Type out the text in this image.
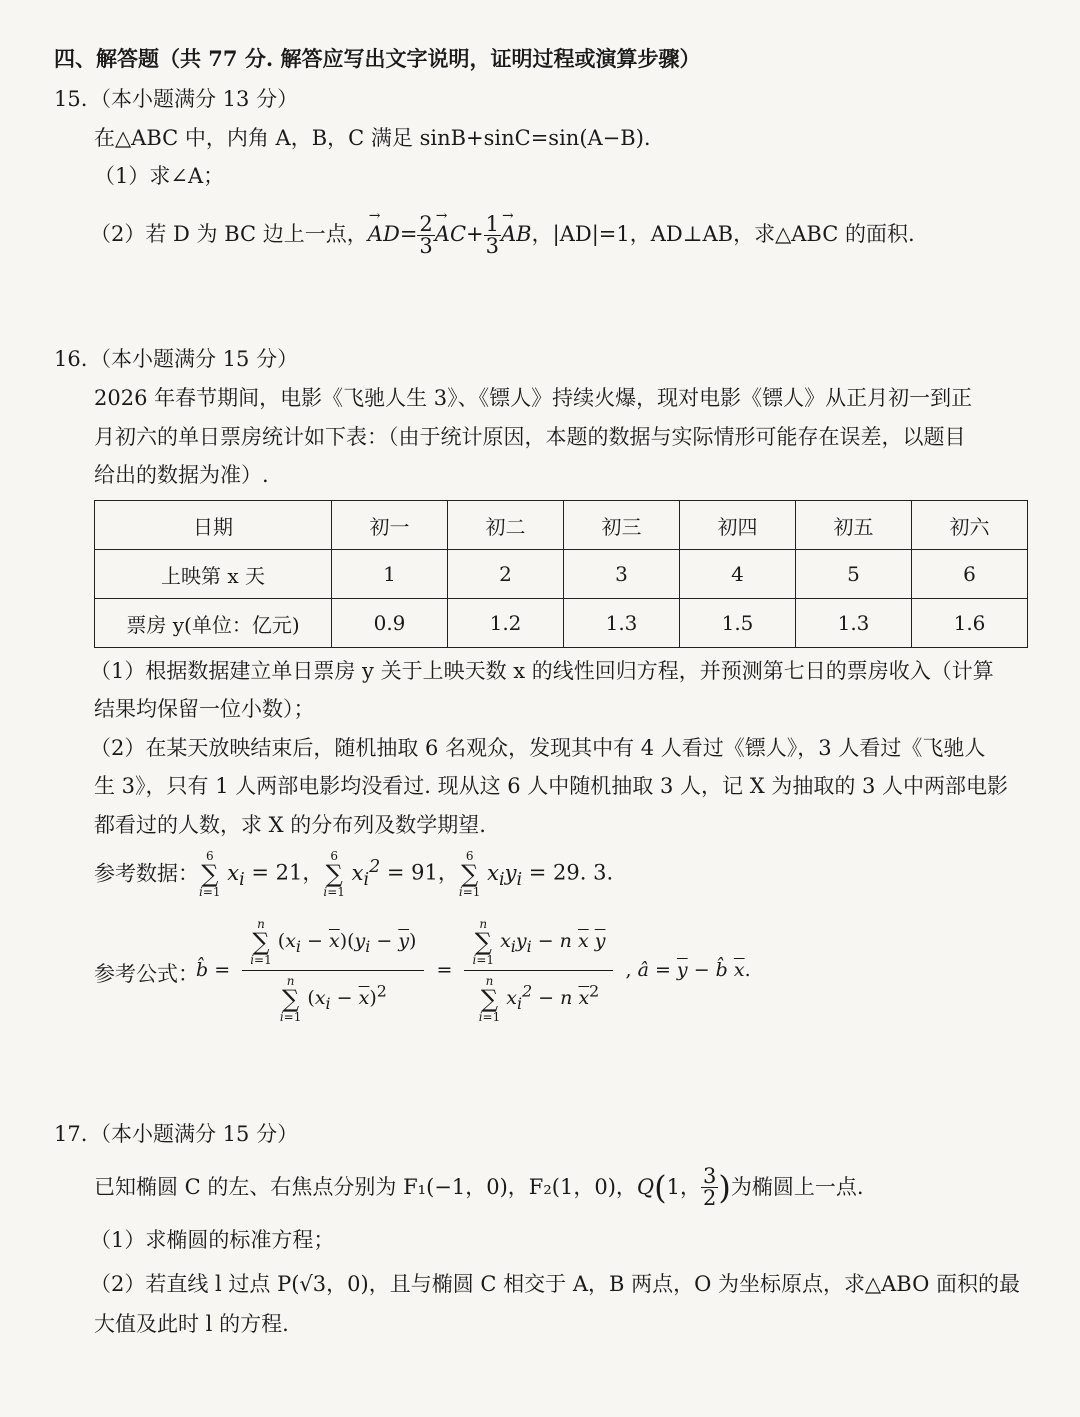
四、解答题（共 77 分. 解答应写出文字说明，证明过程或演算步骤）
15. （本小题满分 13 分）
在△ABC 中，内角 A，B，C 满足 sinB+sinC=sin(A−B).
（1）求∠A；
（2）若 D 为 BC 边上一点，→ $AD= \frac{2}{3} \to AC+ \frac{1}{3}$ → AB，|AD|=1，AD⊥AB，求△ABC 的面积.
16. （本小题满分 15 分）
2026 年春节期间，电影《飞驰人生 3》、《镖人》持续火爆，现对电影《镖人》从正月初一到正
月初六的单日票房统计如下表：（由于统计原因，本题的数据与实际情形可能存在误差，以题目
给出的数据为准）.
日期	初一	初二	初三	初四	初五	初六
上映第 x 天	1	2	3	4	5	6
票房 y(单位：亿元)	0.9	1.2	1.3	1.5	1.3	1.6
（1）根据数据建立单日票房 y 关于上映天数 x 的线性回归方程，并预测第七日的票房收入（计算
结果均保留一位小数）；
（2）在某天放映结束后，随机抽取 6 名观众，发现其中有 4 人看过《镖人》，3 人看过《飞驰人
生 3》，只有 1 人两部电影均没看过. 现从这 6 人中随机抽取 3 人，记 X 为抽取的 3 人中两部电影
都看过的人数，求 X 的分布列及数学期望.
参考数据：6
∑
i=1 $x_i = 21$，6
∑
i=1 $x_i^2 = 91$，6
∑
i=1 $x_iy_i = 29$. 3.
参考公式：
b̂ = n
∑
i=1 $(x_i - \overline{x})(y_i - \overline{y})$
n
∑
i=1 $(x_i - \overline{x})^2 = n$
∑
i=1 $x_iy_i - n$ $\overline{x}$ $\overline{y}$
n
∑
i=1 $x_i^2 - n$ $\overline{x}^2$ , â = $\overline{y}$ − b̂ $\overline{x}$.
17. （本小题满分 15 分）
已知椭圆 C 的左、右焦点分别为 F₁(−1，0)，F₂(1，0)，Q(1， $\frac{3}{2}$ )为椭圆上一点.
（1）求椭圆的标准方程；
（2）若直线 l 过点 P(√3，0)，且与椭圆 C 相交于 A，B 两点，O 为坐标原点，求△ABO 面积的最
大值及此时 l 的方程.
